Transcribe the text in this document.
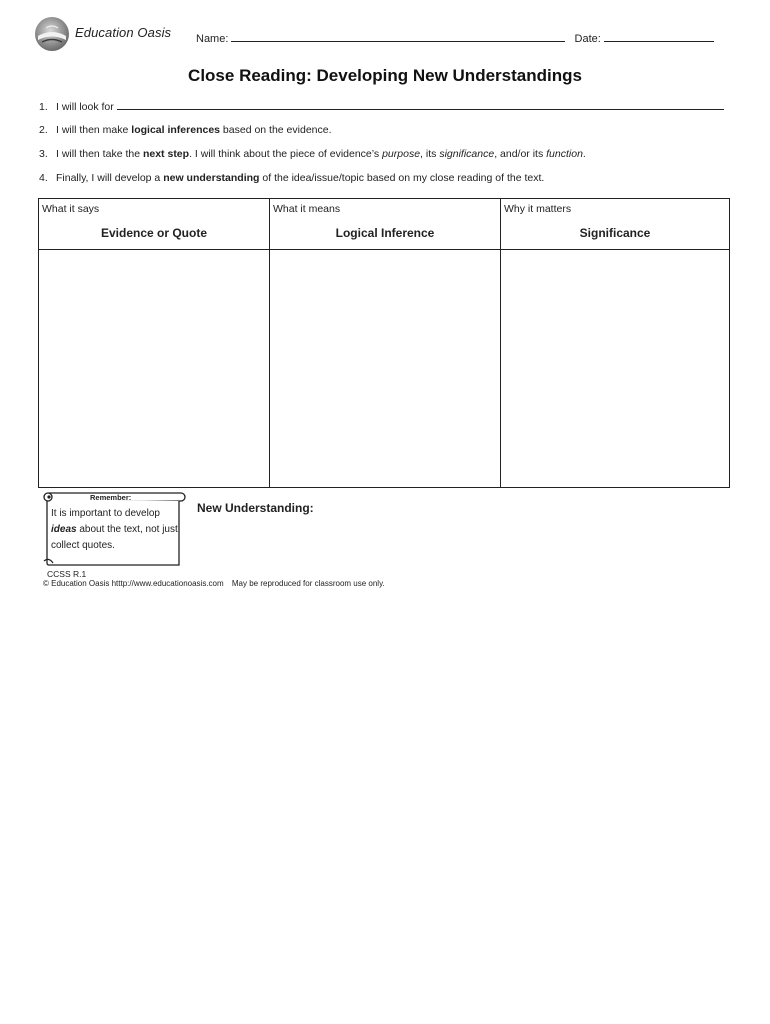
Education Oasis Name:	Date:
Close Reading: Developing New Understandings
1. I will look for
2. I will then make logical inferences based on the evidence.
3. I will then take the next step. I will think about the piece of evidence’s purpose, its significance, and/or its function.
4. Finally, I will develop a new understanding of the idea/issue/topic based on my close reading of the text.
What it says
Evidence or Quote
What it means
Logical Inference
Why it matters
Significance
Remember:
It is important to develop ideas about the text, not just collect quotes.
New Understanding:
CCSS R.1
© Education Oasis htttp://www.educationoasis.com May be reproduced for classroom use only.
